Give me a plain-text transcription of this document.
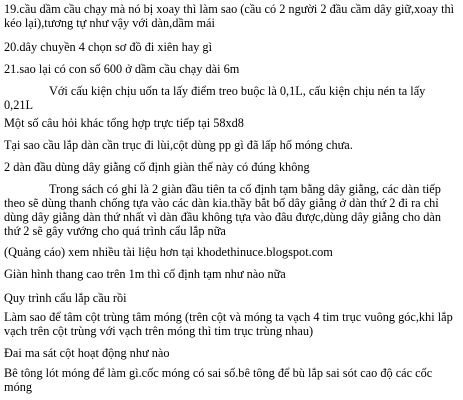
19.cầu dầm cầu chạy mà nó bị xoay thì làm sao (cầu có 2 người 2 đầu cầm dây giữ,xoay thì kéo lại),tương tự như vậy với dàn,dầm mái

20.dây chuyền 4 chọn sơ đồ đi xiên hay gì

21.sao lại có con số 600 ở dầm cầu chạy dài 6m

Với cấu kiện chịu uốn ta lấy điểm treo buộc là 0,1L, cấu kiện chịu nén ta lấy 0,21L

Một số câu hỏi khác tổng hợp trực tiếp tại 58xd8

Tại sao cầu lắp dàn cần trục đi lùi,cột dùng pp gì đã lấp hố móng chưa.

2 dàn đầu dùng dây giằng cố định giàn thế này có đúng không

Trong sách có ghi là 2 giàn đầu tiên ta cố định tạm bằng dây giằng, các dàn tiếp theo sẽ dùng thanh chống tựa vào các dàn kia.thầy bắt bố dây giằng ở dàn thứ 2 đi ra chỉ dùng dây giằng dàn thứ nhất vì dàn đầu không tựa vào đâu được,dùng dây giằng cho dàn thứ 2 sẽ gây vướng cho quá trình cẩu lắp nữa

(Quảng cáo) xem nhiều tài liệu hơn tại khodethinuce.blogspot.com

Giàn hình thang cao trên 1m thì cố định tạm như nào nữa

Quy trình cẩu lắp cầu rồi

Làm sao để tâm cột trùng tâm móng (trên cột và móng ta vạch 4 tim trục vuông góc,khi lắp vạch trên cột trùng với vạch trên móng thì tim trục trùng nhau)

Đai ma sát cột hoạt động như nào

Bê tông lót móng để làm gì.cốc móng có sai số.bê tông để bù lắp sai sót cao độ các cốc móng
